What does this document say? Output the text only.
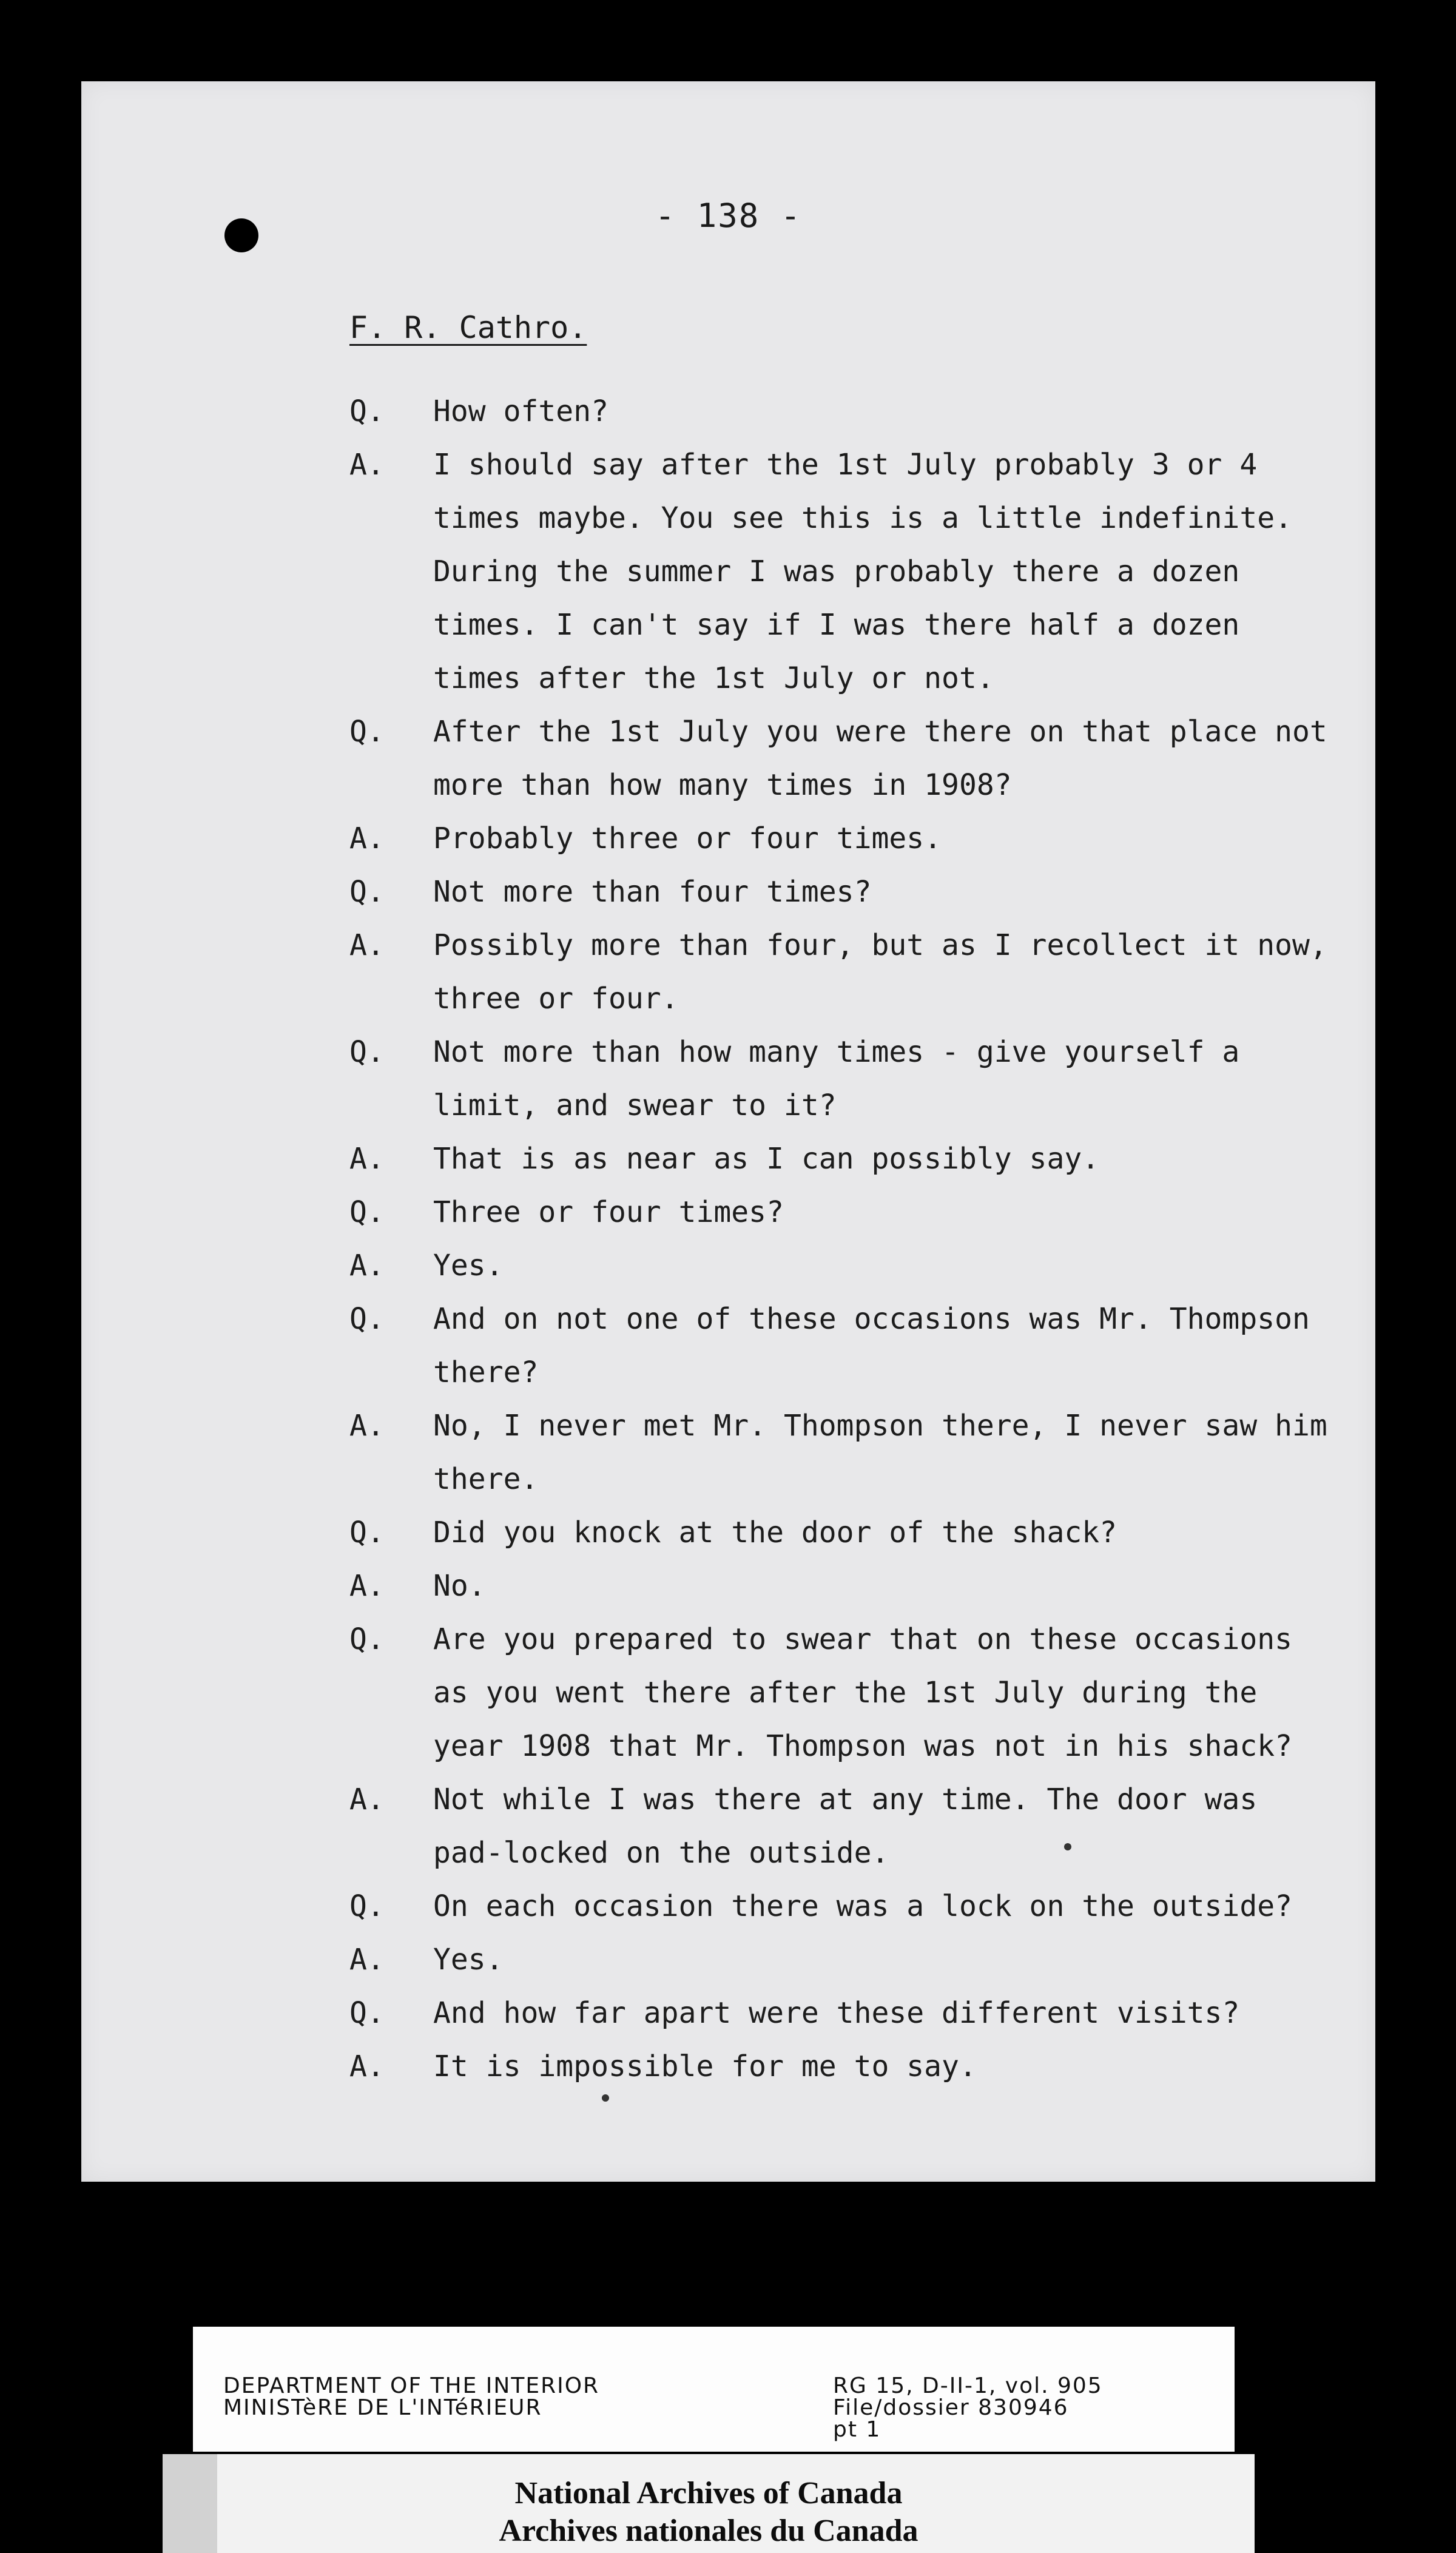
- 138 -
F. R. Cathro.
Q.	How often?
A.	I should say after the 1st July probably 3 or 4 times maybe. You see this is a little indefinite. During the summer I was probably there a dozen times. I can't say if I was there half a dozen times after the 1st July or not.
Q.	After the 1st July you were there on that place not more than how many times in 1908?
A.	Probably three or four times.
Q.	Not more than four times?
A.	Possibly more than four, but as I recollect it now, three or four.
Q.	Not more than how many times - give yourself a limit, and swear to it?
A.	That is as near as I can possibly say.
Q.	Three or four times?
A.	Yes.
Q.	And on not one of these occasions was Mr. Thompson there?
A.	No, I never met Mr. Thompson there, I never saw him there.
Q.	Did you knock at the door of the shack?
A.	No.
Q.	Are you prepared to swear that on these occasions as you went there after the 1st July during the year 1908 that Mr. Thompson was not in his shack?
A.	Not while I was there at any time. The door was pad-locked on the outside.
Q.	On each occasion there was a lock on the outside?
A.	Yes.
Q.	And how far apart were these different visits?
A.	It is impossible for me to say.
DEPARTMENT OF THE INTERIOR
MINISTèRE DE L'INTéRIEUR
RG 15, D-II-1, vol. 905
File/dossier 830946
pt 1
National Archives of Canada
Archives nationales du Canada
